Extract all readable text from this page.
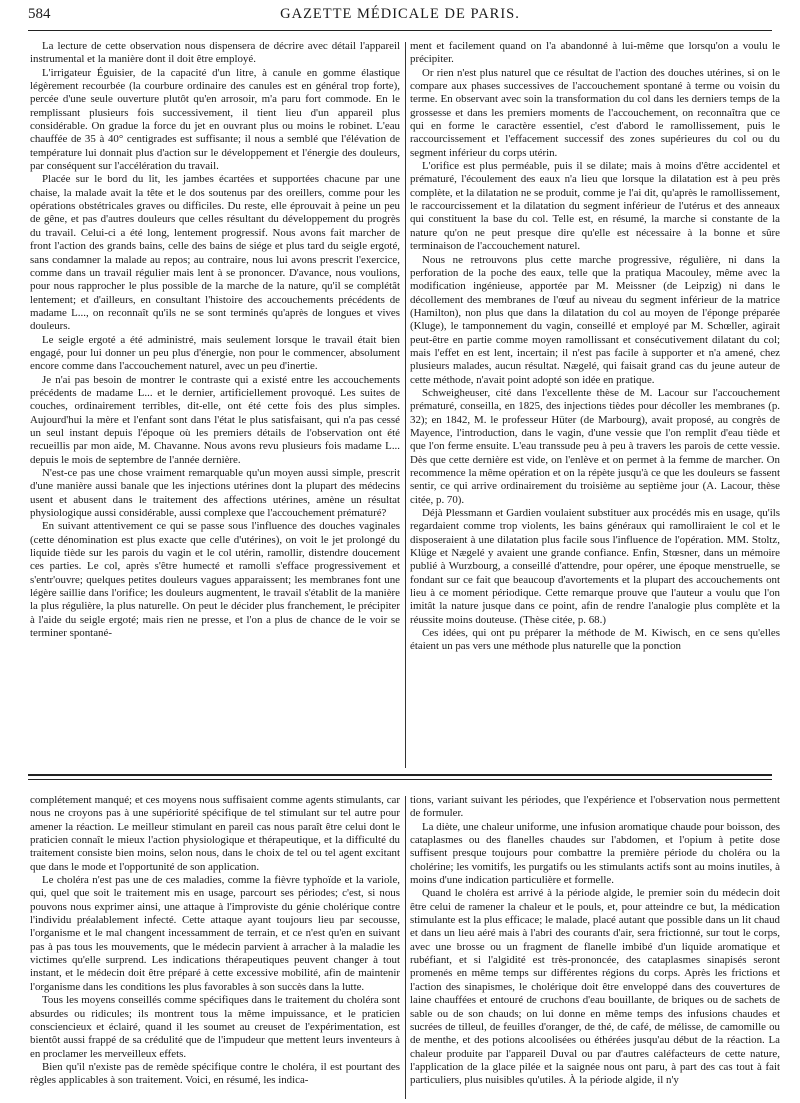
584	GAZETTE MÉDICALE DE PARIS.

La lecture de cette observation nous dispensera de décrire avec détail l'appareil instrumental et la manière dont il doit être employé.

L'irrigateur Éguisier, de la capacité d'un litre, à canule en gomme élastique légèrement recourbée (la courbure ordinaire des canules est en général trop forte), percée d'une seule ouverture plutôt qu'en arrosoir, m'a paru fort commode. En le remplissant plusieurs fois successivement, il tient lieu d'un appareil plus considérable. On gradue la force du jet en ouvrant plus ou moins le robinet. L'eau chauffée de 35 à 40° centigrades est suffisante; il nous a semblé que l'élévation de température lui donnait plus d'action sur le développement et l'énergie des douleurs, par conséquent sur l'accélération du travail.

Placée sur le bord du lit, les jambes écartées et supportées chacune par une chaise, la malade avait la tête et le dos soutenus par des oreillers, comme pour les opérations obstétricales graves ou difficiles. Du reste, elle éprouvait à peine un peu de gêne, et pas d'autres douleurs que celles résultant du développement du progrès du travail. Celui-ci a été long, lentement progressif. Nous avons fait marcher de front l'action des grands bains, celle des bains de siége et plus tard du seigle ergoté, sans condamner la malade au repos; au contraire, nous lui avons prescrit l'exercice, comme dans un travail régulier mais lent à se prononcer. D'avance, nous voulions, pour nous rapprocher le plus possible de la marche de la nature, qu'il se complétât lentement; et d'ailleurs, en consultant l'histoire des accouchements précédents de madame L..., on reconnaît qu'ils ne se sont terminés qu'après de longues et vives douleurs.

Le seigle ergoté a été administré, mais seulement lorsque le travail était bien engagé, pour lui donner un peu plus d'énergie, non pour le commencer, absolument encore comme dans l'accouchement naturel, avec un peu d'inertie.

Je n'ai pas besoin de montrer le contraste qui a existé entre les accouchements précédents de madame L... et le dernier, artificiellement provoqué. Les suites de couches, ordinairement terribles, dit-elle, ont été cette fois des plus simples. Aujourd'hui la mère et l'enfant sont dans l'état le plus satisfaisant, qui n'a pas cessé un seul instant depuis l'époque où les premiers détails de l'observation ont été recueillis par mon aide, M. Chavanne. Nous avons revu plusieurs fois madame L... depuis le mois de septembre de l'année dernière.

N'est-ce pas une chose vraiment remarquable qu'un moyen aussi simple, prescrit d'une manière aussi banale que les injections utérines dont la plupart des médecins usent et abusent dans le traitement des affections utérines, amène un résultat physiologique aussi considérable, aussi complexe que l'accouchement prématuré?

En suivant attentivement ce qui se passe sous l'influence des douches vaginales (cette dénomination est plus exacte que celle d'utérines), on voit le jet prolongé du liquide tiède sur les parois du vagin et le col utérin, ramollir, distendre doucement ces parties. Le col, après s'être humecté et ramolli s'efface progressivement et s'entr'ouvre; quelques petites douleurs vagues apparaissent; les membranes font une légère saillie dans l'orifice; les douleurs augmentent, le travail s'établit de la manière la plus régulière, la plus naturelle. On peut le décider plus franchement, le précipiter à l'aide du seigle ergoté; mais rien ne presse, et l'on a plus de chance de le voir se terminer spontané-

ment et facilement quand on l'a abandonné à lui-même que lorsqu'on a voulu le précipiter.

Or rien n'est plus naturel que ce résultat de l'action des douches utérines, si on le compare aux phases successives de l'accouchement spontané à terme ou voisin du terme. En observant avec soin la transformation du col dans les derniers temps de la grossesse et dans les premiers moments de l'accouchement, on reconnaîtra que ce qui en forme le caractère essentiel, c'est d'abord le ramollissement, puis le raccourcissement et l'effacement successif des zones supérieures du col ou du segment inférieur du corps utérin.

L'orifice est plus perméable, puis il se dilate; mais à moins d'être accidentel et prématuré, l'écoulement des eaux n'a lieu que lorsque la dilatation est à peu près complète, et la dilatation ne se produit, comme je l'ai dit, qu'après le ramollissement, le raccourcissement et la dilatation du segment inférieur de l'utérus et des anneaux qui constituent la base du col. Telle est, en résumé, la marche si constante de la nature qu'on ne peut presque dire qu'elle est nécessaire à la bonne et sûre terminaison de l'accouchement naturel.

Nous ne retrouvons plus cette marche progressive, régulière, ni dans la perforation de la poche des eaux, telle que la pratiqua Macouley, même avec la modification ingénieuse, apportée par M. Meissner (de Leipzig) ni dans le décollement des membranes de l'œuf au niveau du segment inférieur de la matrice (Hamilton), non plus que dans la dilatation du col au moyen de l'éponge préparée (Kluge), le tamponnement du vagin, conseillé et employé par M. Schœller, agirait peut-être en partie comme moyen ramollissant et consécutivement dilatant du col; mais l'effet en est lent, incertain; il n'est pas facile à supporter et n'a amené, chez plusieurs malades, aucun résultat. Nægelé, qui faisait grand cas du jeune auteur de cette méthode, n'avait point adopté son idée en pratique.

Schweigheuser, cité dans l'excellente thèse de M. Lacour sur l'accouchement prématuré, conseilla, en 1825, des injections tièdes pour décoller les membranes (p. 32); en 1842, M. le professeur Hüter (de Marbourg), avait proposé, au congrès de Mayence, l'introduction, dans le vagin, d'une vessie que l'on remplit d'eau tiède et que l'on ferme ensuite. L'eau transsude peu à peu à travers les parois de cette vessie. Dès que cette dernière est vide, on l'enlève et on permet à la femme de marcher. On recommence la même opération et on la répète jusqu'à ce que les douleurs se fassent sentir, ce qui arrive ordinairement du troisième au septième jour (A. Lacour, thèse citée, p. 70).

Déjà Plessmann et Gardien voulaient substituer aux procédés mis en usage, qu'ils regardaient comme trop violents, les bains généraux qui ramolliraient le col et le disposeraient à une dilatation plus facile sous l'influence de l'opération. MM. Stoltz, Klüge et Nægelé y avaient une grande confiance. Enfin, Stœsner, dans un mémoire publié à Wurzbourg, a conseillé d'attendre, pour opérer, une époque menstruelle, se fondant sur ce fait que beaucoup d'avortements et la plupart des accouchements ont lieu à ce moment périodique. Cette remarque prouve que l'auteur a voulu que l'on imitât la nature jusque dans ce point, afin de rendre l'analogie plus complète et la réussite moins douteuse. (Thèse citée, p. 68.)

Ces idées, qui ont pu préparer la méthode de M. Kiwisch, en ce sens qu'elles étaient un pas vers une méthode plus naturelle que la ponction

complétement manqué; et ces moyens nous suffisaient comme agents stimulants, car nous ne croyons pas à une supériorité spécifique de tel stimulant sur tel autre pour amener la réaction. Le meilleur stimulant en pareil cas nous paraît être celui dont le praticien connaît le mieux l'action physiologique et thérapeutique, et la difficulté du traitement consiste bien moins, selon nous, dans le choix de tel ou tel agent excitant que dans le mode et l'opportunité de son application.

Le choléra n'est pas une de ces maladies, comme la fièvre typhoïde et la variole, qui, quel que soit le traitement mis en usage, parcourt ses périodes; c'est, si nous pouvons nous exprimer ainsi, une attaque à l'improviste du génie cholérique contre l'individu préalablement infecté. Cette attaque ayant toujours lieu par secousse, l'organisme et le mal changent incessamment de terrain, et ce n'est qu'en en suivant pas à pas tous les mouvements, que le médecin parvient à arracher à la maladie les victimes qu'elle surprend. Les indications thérapeutiques peuvent changer à tout instant, et le médecin doit être préparé à cette excessive mobilité, afin de maintenir l'organisme dans les conditions les plus favorables à son succès dans la lutte.

Tous les moyens conseillés comme spécifiques dans le traitement du choléra sont absurdes ou ridicules; ils montrent tous la même impuissance, et le praticien consciencieux et éclairé, quand il les soumet au creuset de l'expérimentation, est bientôt aussi frappé de sa crédulité que de l'impudeur que mettent leurs inventeurs à en proclamer les merveilleux effets.

Bien qu'il n'existe pas de remède spécifique contre le choléra, il est pourtant des règles applicables à son traitement. Voici, en résumé, les indica-

tions, variant suivant les périodes, que l'expérience et l'observation nous permettent de formuler.

La diète, une chaleur uniforme, une infusion aromatique chaude pour boisson, des cataplasmes ou des flanelles chaudes sur l'abdomen, et l'opium à petite dose suffisent presque toujours pour combattre la première période du choléra ou la cholérine; les vomitifs, les purgatifs ou les stimulants actifs sont au moins inutiles, à moins d'une indication particulière et formelle.

Quand le choléra est arrivé à la période algide, le premier soin du médecin doit être celui de ramener la chaleur et le pouls, et, pour atteindre ce but, la médication stimulante est la plus efficace; le malade, placé autant que possible dans un lit chaud et dans un lieu aéré mais à l'abri des courants d'air, sera frictionné, sur tout le corps, avec une brosse ou un fragment de flanelle imbibé d'un liquide aromatique et rubéfiant, et si l'algidité est très-prononcée, des cataplasmes sinapisés seront promenés en même temps sur différentes régions du corps. Après les frictions et l'action des sinapismes, le cholérique doit être enveloppé dans des couvertures de laine chauffées et entouré de cruchons d'eau bouillante, de briques ou de sachets de sable ou de son chauds; on lui donne en même temps des infusions chaudes et sucrées de tilleul, de feuilles d'oranger, de thé, de café, de mélisse, de camomille ou de menthe, et des potions alcoolisées ou éthérées jusqu'au début de la réaction. La chaleur produite par l'appareil Duval ou par d'autres caléfacteurs de cette nature, l'application de la glace pilée et la saignée nous ont paru, à part des cas tout à fait particuliers, plus nuisibles qu'utiles. À la période algide, il n'y
